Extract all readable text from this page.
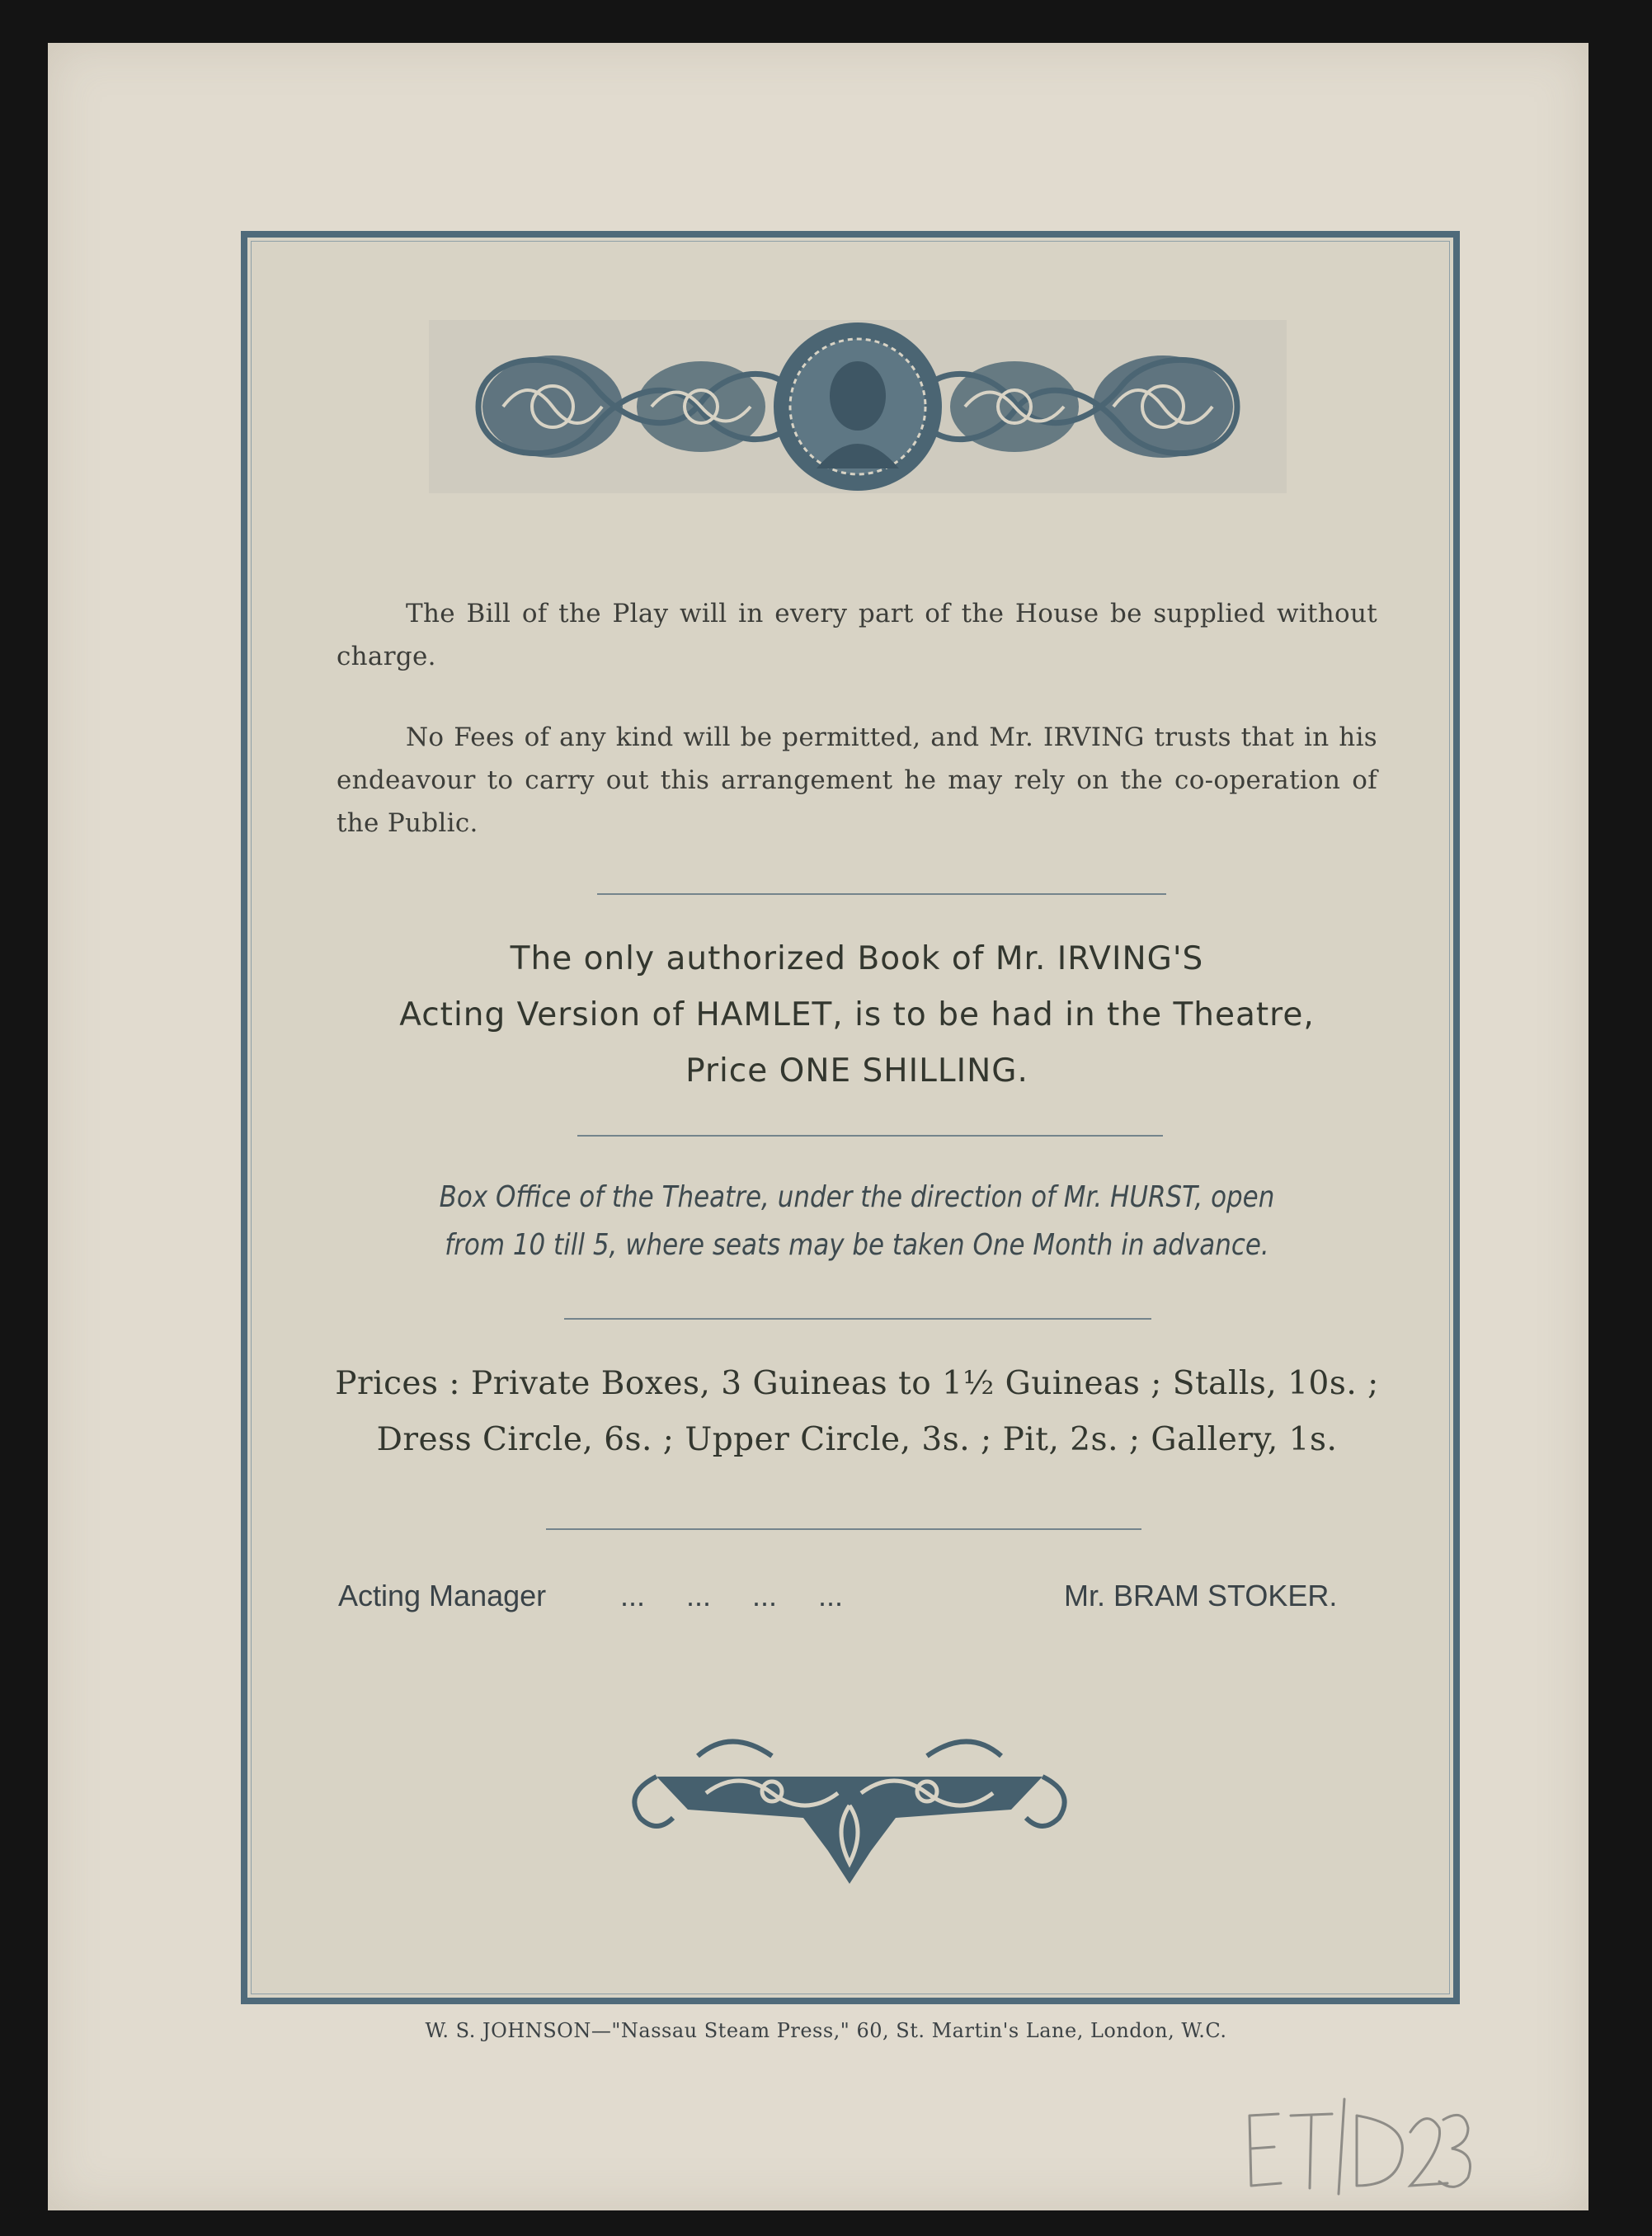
The Bill of the Play will in every part of the House be supplied without charge.
No Fees of any kind will be permitted, and Mr. IRVING trusts that in his endeavour to carry out this arrangement he may rely on the co-operation of the Public.
The only authorized Book of Mr. IRVING'S
Acting Version of HAMLET, is to be had in the Theatre,
Price ONE SHILLING.
Box Office of the Theatre, under the direction of Mr. HURST, open
from 10 till 5, where seats may be taken One Month in advance.
Prices : Private Boxes, 3 Guineas to 1½ Guineas ; Stalls, 10s. ;
Dress Circle, 6s. ; Upper Circle, 3s. ; Pit, 2s. ; Gallery, 1s.
Acting Manager ...     ...     ...     ...	Mr. BRAM STOKER.
W. S. JOHNSON—"Nassau Steam Press," 60, St. Martin's Lane, London, W.C.
